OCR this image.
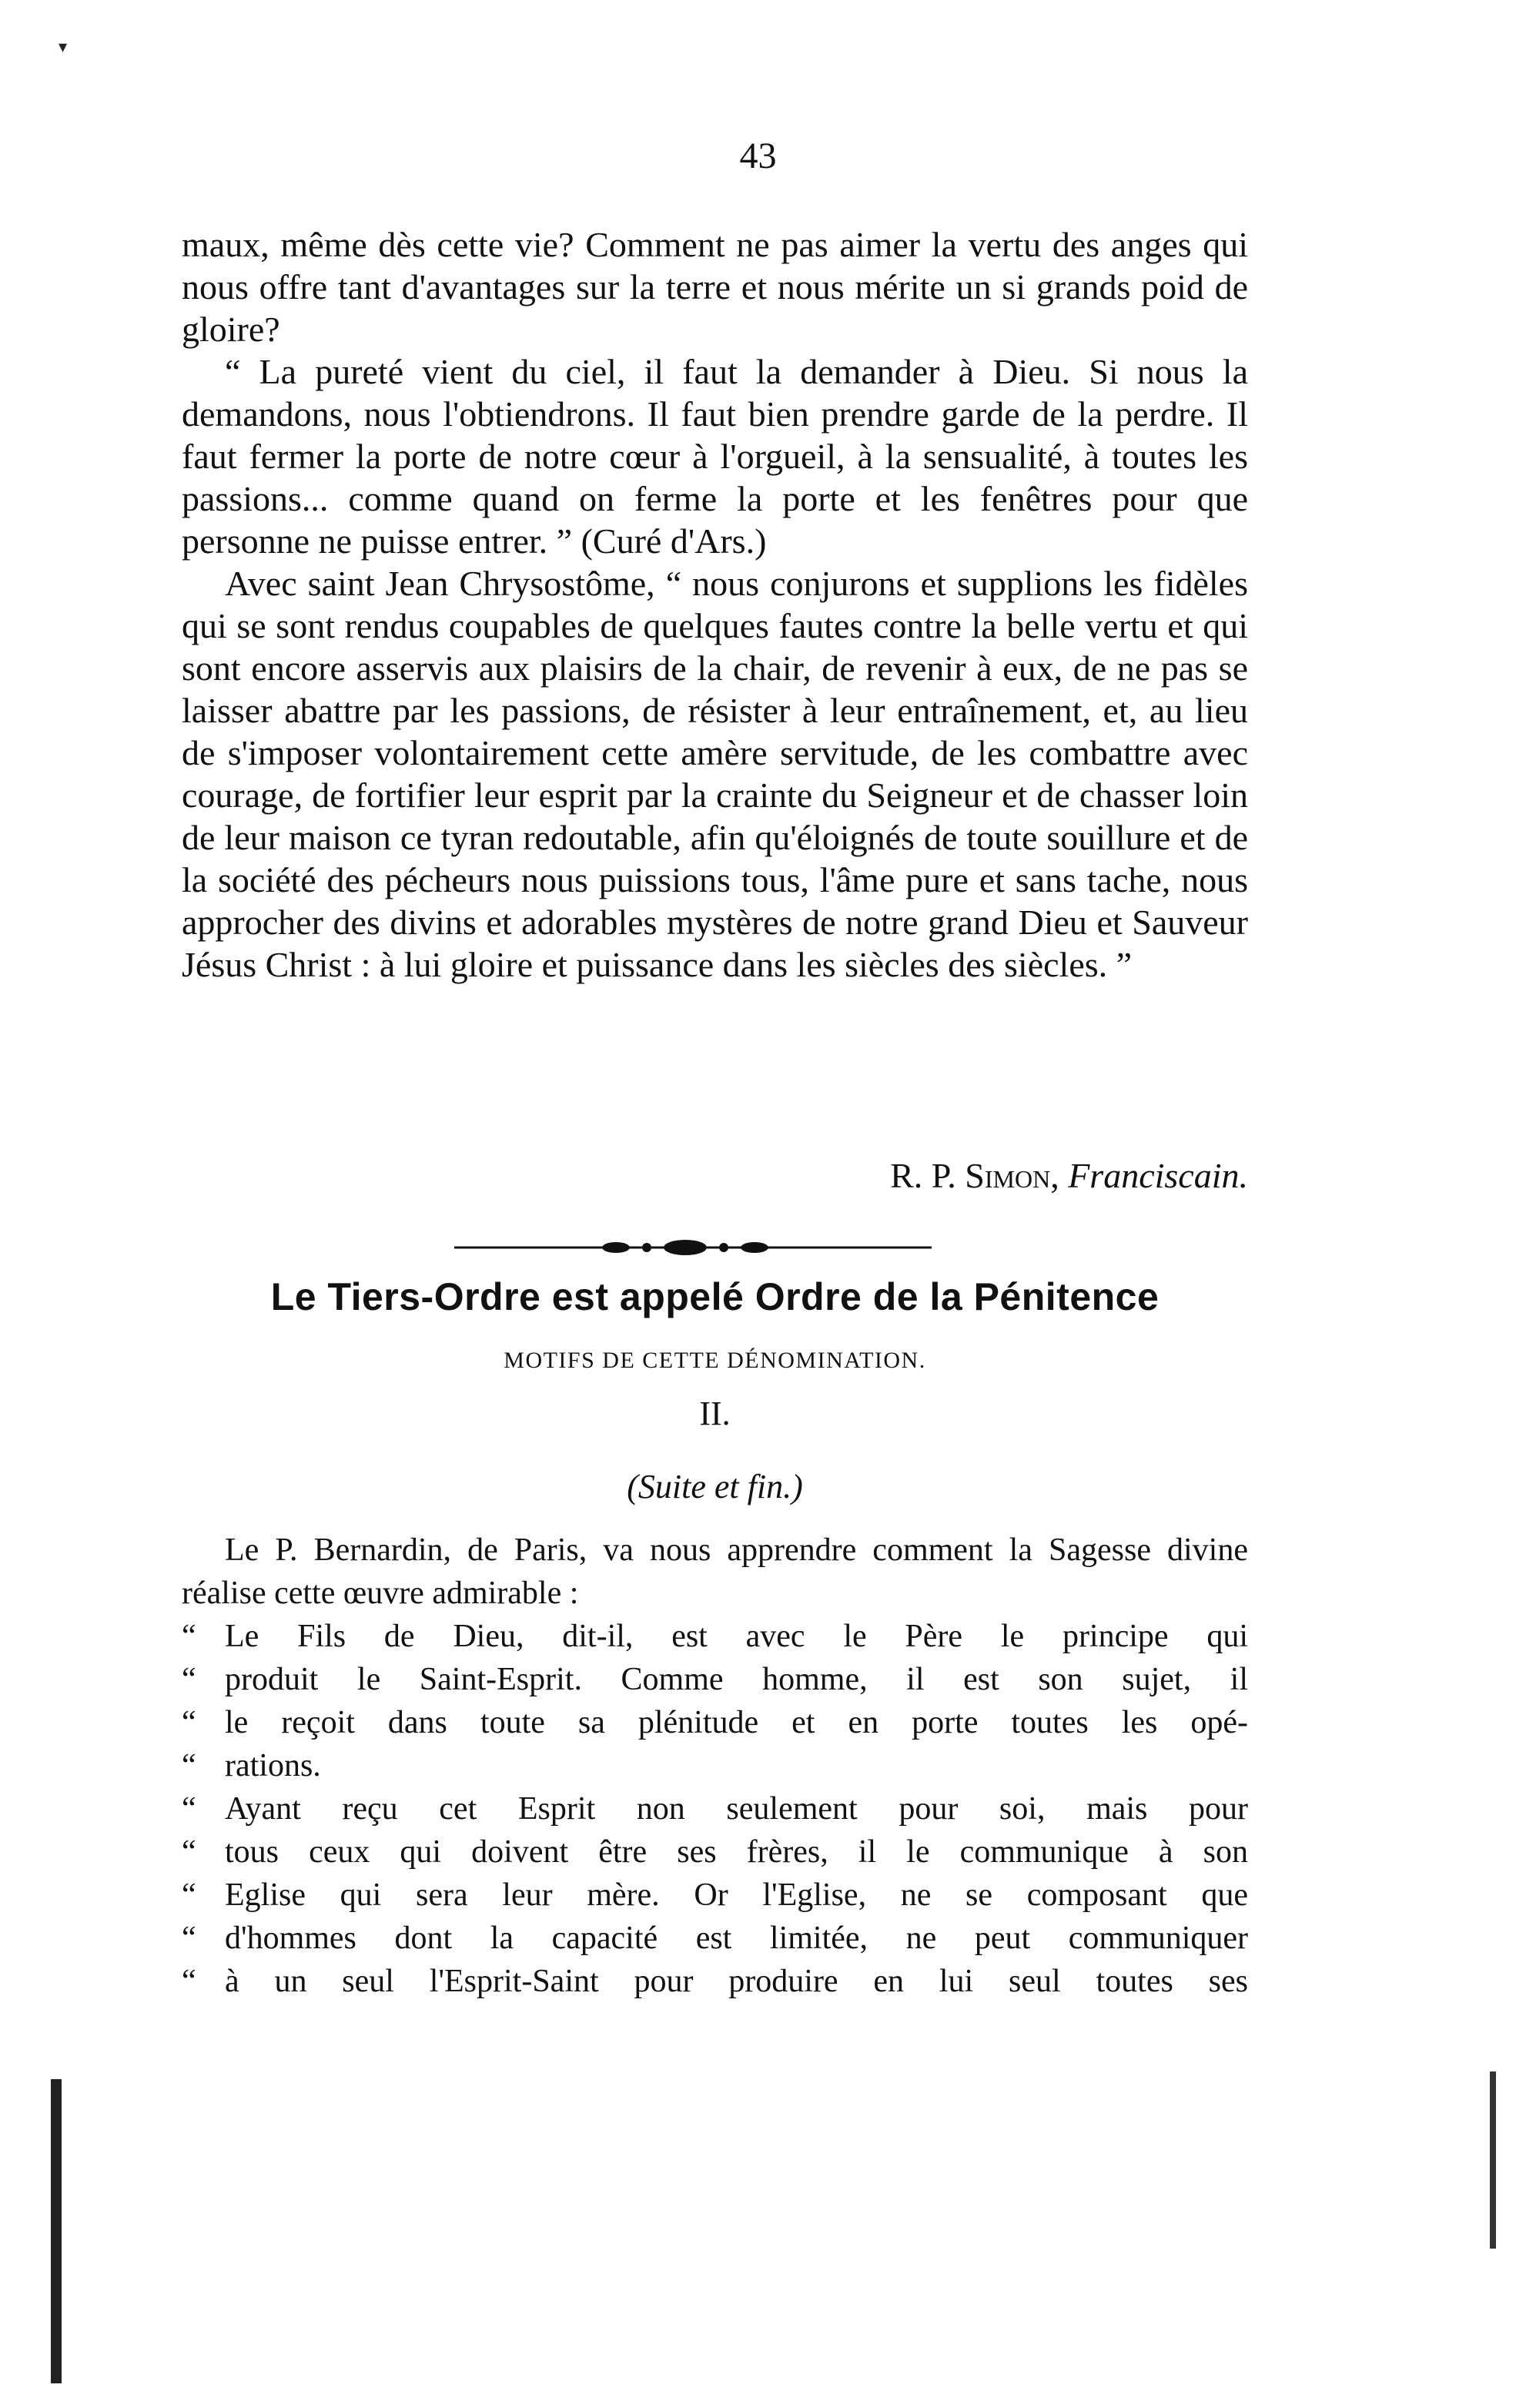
▾
43

maux, même dès cette vie? Comment ne pas aimer la vertu des anges qui nous offre tant d'avantages sur la terre et nous mérite un si grands poid de gloire?

“ La pureté vient du ciel, il faut la demander à Dieu. Si nous la demandons, nous l'obtiendrons. Il faut bien prendre garde de la perdre. Il faut fermer la porte de notre cœur à l'orgueil, à la sensualité, à toutes les passions... comme quand on ferme la porte et les fenêtres pour que personne ne puisse entrer. ” (Curé d'Ars.)

Avec saint Jean Chrysostôme, “ nous conjurons et supplions les fidèles qui se sont rendus coupables de quelques fautes contre la belle vertu et qui sont encore asservis aux plaisirs de la chair, de revenir à eux, de ne pas se laisser abattre par les passions, de résister à leur entraînement, et, au lieu de s'imposer volontairement cette amère servitude, de les combattre avec courage, de fortifier leur esprit par la crainte du Seigneur et de chasser loin de leur maison ce tyran redoutable, afin qu'éloignés de toute souillure et de la société des pécheurs nous puissions tous, l'âme pure et sans tache, nous approcher des divins et adorables mystères de notre grand Dieu et Sauveur Jésus Christ : à lui gloire et puissance dans les siècles des siècles. ”

R. P. Simon, Franciscain.
Le Tiers-Ordre est appelé Ordre de la Pénitence
MOTIFS DE CETTE DÉNOMINATION.
II.
(Suite et fin.)

Le P. Bernardin, de Paris, va nous apprendre comment la Sagesse divine réalise cette œuvre admirable :

“ Le Fils de Dieu, dit-il, est avec le Père le principe qui
“ produit le Saint-Esprit. Comme homme, il est son sujet, il
“ le reçoit dans toute sa plénitude et en porte toutes les opé-
“ rations.
“ Ayant reçu cet Esprit non seulement pour soi, mais pour
“ tous ceux qui doivent être ses frères, il le communique à son
“ Eglise qui sera leur mère. Or l'Eglise, ne se composant que
“ d'hommes dont la capacité est limitée, ne peut communiquer
“ à un seul l'Esprit-Saint pour produire en lui seul toutes ses
